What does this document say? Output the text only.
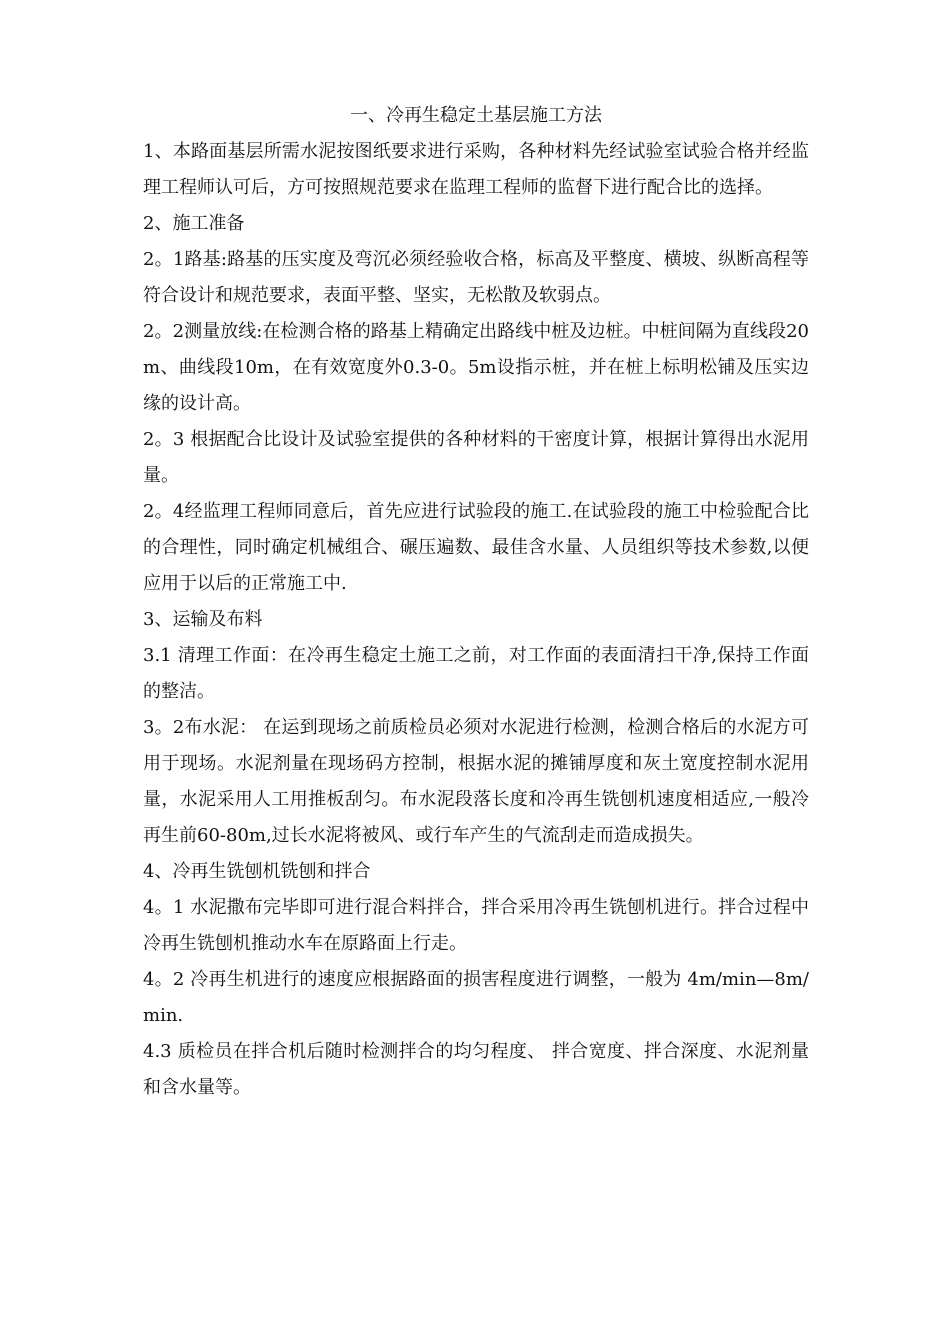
一、冷再生稳定土基层施工方法

1、本路面基层所需水泥按图纸要求进行采购，各种材料先经试验室试验合格并经监理工程师认可后，方可按照规范要求在监理工程师的监督下进行配合比的选择。

2、施工准备

2。1路基:路基的压实度及弯沉必须经验收合格，标高及平整度、横坡、纵断高程等符合设计和规范要求，表面平整、坚实，无松散及软弱点。

2。2测量放线:在检测合格的路基上精确定出路线中桩及边桩。中桩间隔为直线段20m、曲线段10m，在有效宽度外0.3-0。5m设指示桩，并在桩上标明松铺及压实边缘的设计高。

2。3 根据配合比设计及试验室提供的各种材料的干密度计算，根据计算得出水泥用量。

2。4经监理工程师同意后，首先应进行试验段的施工.在试验段的施工中检验配合比的合理性，同时确定机械组合、碾压遍数、最佳含水量、人员组织等技术参数,以便应用于以后的正常施工中.

3、运输及布料

3.1 清理工作面：在冷再生稳定土施工之前，对工作面的表面清扫干净,保持工作面的整洁。

3。2布水泥： 在运到现场之前质检员必须对水泥进行检测，检测合格后的水泥方可用于现场。水泥剂量在现场码方控制，根据水泥的摊铺厚度和灰土宽度控制水泥用量，水泥采用人工用推板刮匀。布水泥段落长度和冷再生铣刨机速度相适应,一般冷再生前60-80m,过长水泥将被风、或行车产生的气流刮走而造成损失。

4、冷再生铣刨机铣刨和拌合

4。1 水泥撒布完毕即可进行混合料拌合，拌合采用冷再生铣刨机进行。拌合过程中冷再生铣刨机推动水车在原路面上行走。

4。2 冷再生机进行的速度应根据路面的损害程度进行调整，一般为 4m/min—8m/min.

4.3 质检员在拌合机后随时检测拌合的均匀程度、 拌合宽度、拌合深度、水泥剂量和含水量等。
